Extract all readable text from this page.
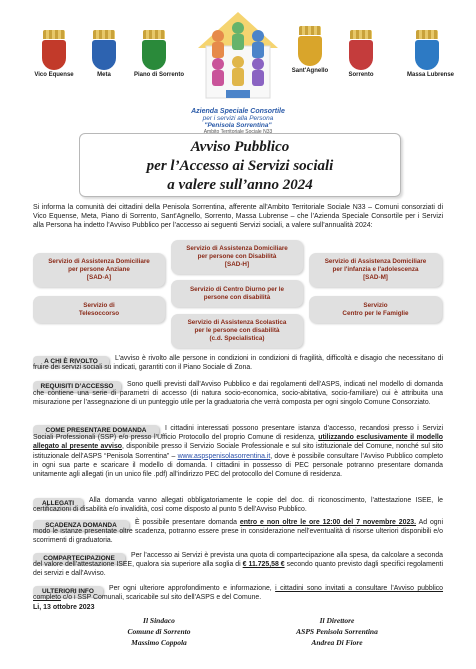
Vico Equense	Meta	Piano di Sorrento
Sant'Agnello
Sorrento	Massa Lubrense
Azienda Speciale Consortile
per i servizi alla Persona
"Penisola Sorrentina"
Ambito Territoriale Sociale N33
Avviso Pubblico
per l’Accesso ai Servizi sociali
a valere sull’anno 2024
Si informa la comunità dei cittadini della Penisola Sorrentina, afferente all'Ambito Territoriale Sociale N33 – Comuni consorziati di Vico Equense, Meta, Piano di Sorrento, Sant'Agnello, Sorrento, Massa Lubrense – che l’Azienda Speciale Consortile per i Servizi alla Persona ha indetto l’Avviso Pubblico per l’accesso ai seguenti Servizi sociali, a valere sull’annualità 2024:
Servizio di Assistenza Domiciliare
per persone Anziane
[SAD-A]
Servizio di Assistenza Domiciliare
per persone con Disabilità
[SAD-H]	Servizio di Assistenza Domiciliare
per l'infanzia e l'adolescenza
[SAD-M]
Servizio di Centro Diurno per le
persone con disabilità
Servizio di
Telesoccorso
Servizio
Centro per le Famiglie
Servizio di Assistenza Scolastica
per le persone con disabilità
(c.d. Specialistica)
A CHI È RIVOLTO	L’avviso è rivolto alle persone in condizioni in condizioni di fragilità, difficoltà e disagio che necessitano di fruire dei servizi sociali su indicati, garantiti con il Piano Sociale di Zona.
REQUISITI D’ACCESSO	Sono quelli previsti dall’Avviso Pubblico e dai regolamenti dell’ASPS, indicati nel modello di domanda che contiene una serie di parametri di accesso (di natura socio-economica, socio-abitativa, socio-familiare) cui è attribuita una misurazione per l’assegnazione di un punteggio utile per la graduatoria che verrà composta per ogni singolo Comune Consorziato.
COME PRESENTARE DOMANDA	I cittadini interessati possono presentare istanza d’accesso, recandosi presso i Servizi Sociali Professionali (SSP) e/o presso l’Ufficio Protocollo del proprio Comune di residenza, utilizzando esclusivamente il modello allegato al presente avviso, disponibile presso il Servizio Sociale Professionale e sul sito istituzionale del Comune, nonché sul sito istituzionale dell’ASPS “Penisola Sorrentina” – www.aspspenisolasorrentina.it, dove è possibile consultare l’Avviso Pubblico completo in ogni sua parte e scaricare il modello di domanda. I cittadini in possesso di PEC personale potranno presentare domanda unitamente agli allegati (in un unico file .pdf) all’indirizzo PEC del protocollo del Comune di residenza.
ALLEGATI	Alla domanda vanno allegati obbligatoriamente le copie del doc. di riconoscimento, l’attestazione ISEE, le certificazioni di disabilità e/o invalidità, così come disposto al punto 5 dell’Avviso Pubblico.
SCADENZA DOMANDA	È possibile presentare domanda entro e non oltre le ore 12:00 del 7 novembre 2023. Ad ogni modo le istanze presentate oltre scadenza, potranno essere prese in considerazione nell’eventualità di risorse ulteriori disponibili e/o scorrimenti di graduatoria.
COMPARTECIPAZIONE	Per l’accesso ai Servizi è prevista una quota di compartecipazione alla spesa, da calcolare a seconda del valore dell’attestazione ISEE, qualora sia superiore alla soglia di € 11.725,58 € secondo quanto previsto dagli specifici regolamenti dei servizi e dall’Avviso.
ULTERIORI INFO	Per ogni ulteriore approfondimento e informazione, i cittadini sono invitati a consultare l’Avviso pubblico completo c/o i SSP Comunali, scaricabile sul sito dell’ASPS e del Comune.
Li, 13 ottobre 2023
Il Sindaco
Comune di Sorrento
Massimo Coppola
Il Direttore
ASPS Penisola Sorrentina
Andrea Di Fiore
